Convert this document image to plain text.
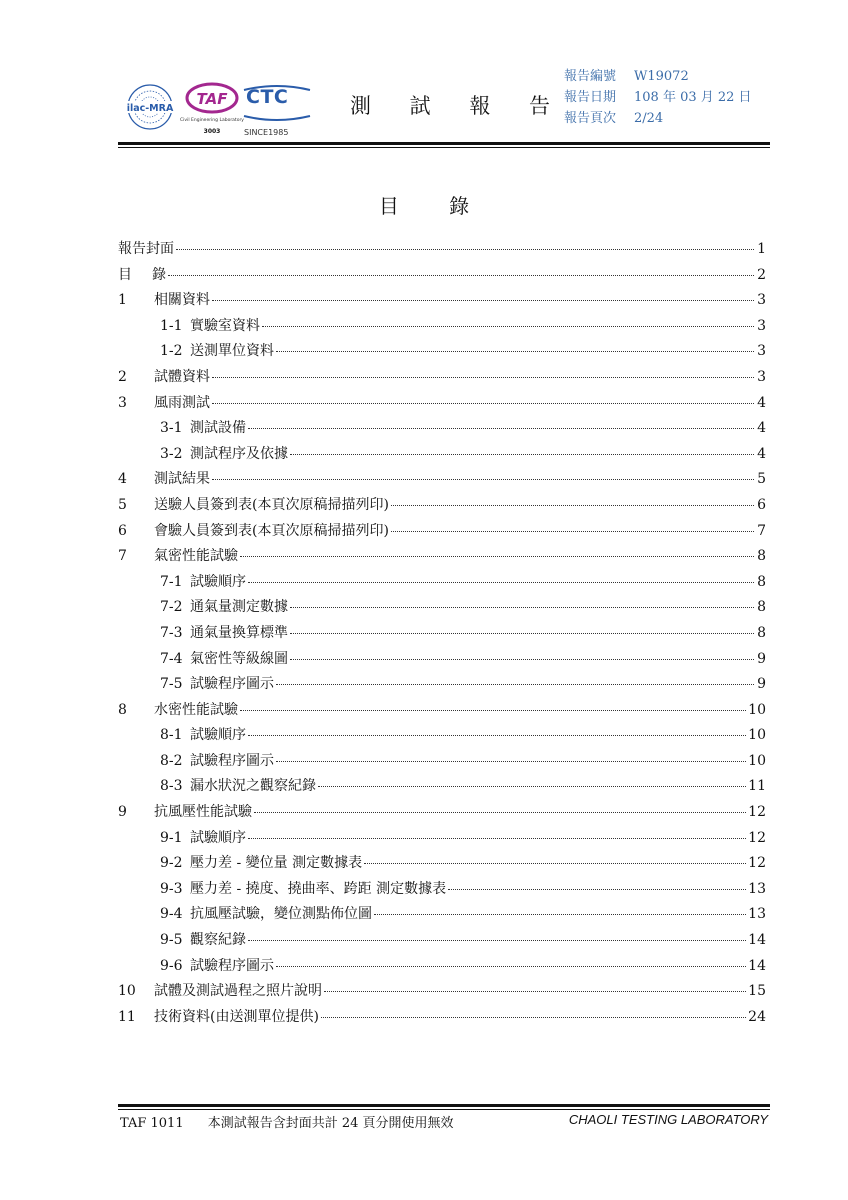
ilac-MRA
TAF
Civil Engineering Laboratory
3003
CTC
SINCE1985
測 試 報 告
報告編號	W19072
報告日期	108 年 03 月 22 日
報告頁次	2/24
目 錄
報告封面	1
目	錄	2
1	相關資料	3
1-1 實驗室資料	3
1-2 送測單位資料	3
2	試體資料	3
3	風雨測試	4
3-1 測試設備	4
3-2 測試程序及依據	4
4	測試結果	5
5	送驗人員簽到表(本頁次原稿掃描列印)	6
6	會驗人員簽到表(本頁次原稿掃描列印)	7
7	氣密性能試驗	8
7-1 試驗順序	8
7-2 通氣量測定數據	8
7-3 通氣量換算標準	8
7-4 氣密性等級線圖	9
7-5 試驗程序圖示	9
8	水密性能試驗	10
8-1 試驗順序	10
8-2 試驗程序圖示	10
8-3 漏水狀況之觀察紀錄	11
9	抗風壓性能試驗	12
9-1 試驗順序	12
9-2 壓力差 - 變位量 測定數據表	12
9-3 壓力差 - 撓度、撓曲率、跨距 測定數據表	13
9-4 抗風壓試驗，變位測點佈位圖	13
9-5 觀察紀錄	14
9-6 試驗程序圖示	14
10	試體及測試過程之照片說明	15
11	技術資料(由送測單位提供)	24
TAF 1011 本測試報告含封面共計 24 頁分開使用無效	CHAOLI TESTING LABORATORY
